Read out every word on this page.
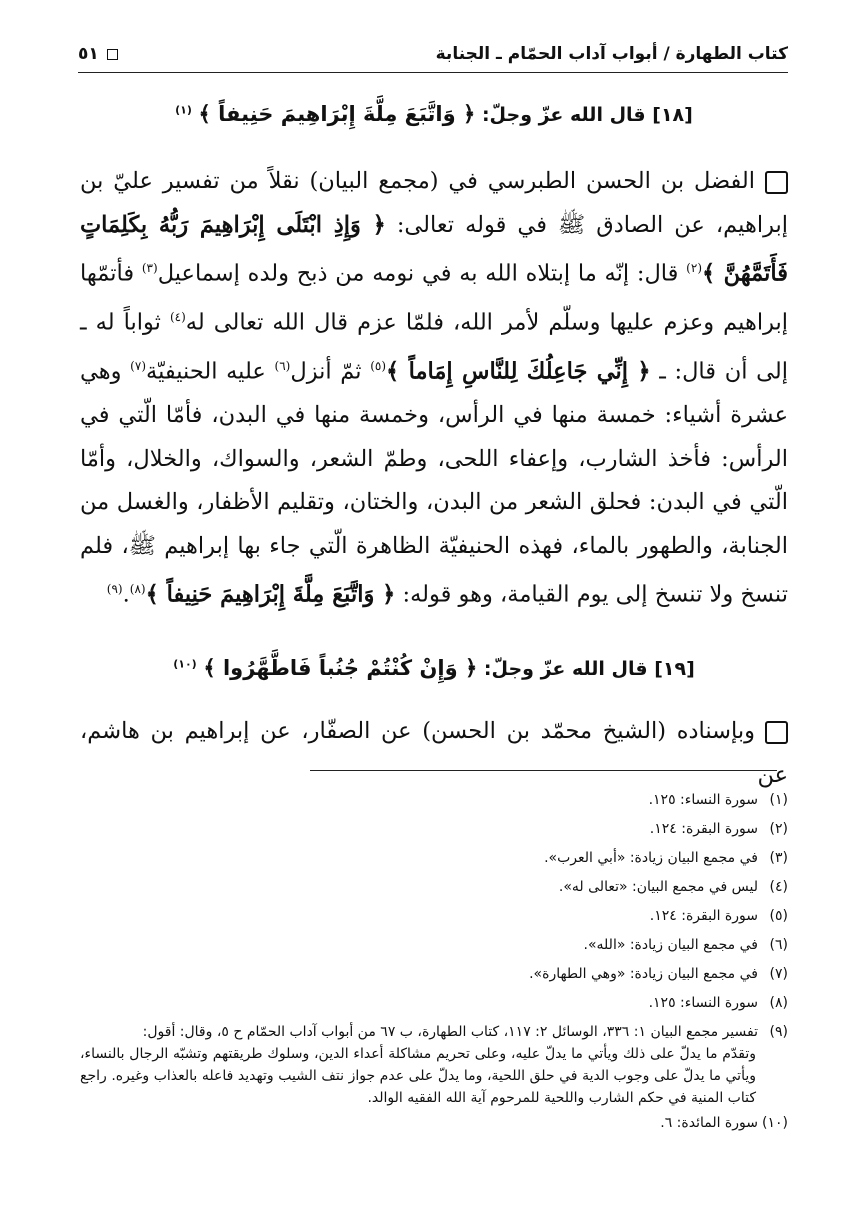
كتاب الطهارة / أبواب آداب الحمّام ـ الجنابة
٥١
[١٨] قال الله عزّ وجلّ: ﴿ وَاتَّبَعَ مِلَّةَ إِبْرَاهِيمَ حَنِيفاً ﴾ $^{(١)}$
الفضل بن الحسن الطبرسي في (مجمع البيان) نقلاً من تفسير عليّ بن إبراهيم، عن الصادق ﷺ في قوله تعالى: ﴿ وَإِذِ ابْتَلَى إِبْرَاهِيمَ رَبُّهُ بِكَلِمَاتٍ فَأَتَمَّهُنَّ ﴾$^{(٢)}$ قال: إنّه ما إبتلاه الله به في نومه من ذبح ولده إسماعيل$^{(٣)}$ فأتمّها إبراهيم وعزم عليها وسلّم لأمر الله، فلمّا عزم قال الله تعالى له$^{(٤)}$ ثواباً له ـ إلى أن قال: ـ ﴿ إِنِّي جَاعِلُكَ لِلنَّاسِ إِمَاماً ﴾$^{(٥)}$ ثمّ أنزل$^{(٦)}$ عليه الحنيفيّة$^{(٧)}$ وهي عشرة أشياء: خمسة منها في الرأس، وخمسة منها في البدن، فأمّا الّتي في الرأس: فأخذ الشارب، وإعفاء اللحى، وطمّ الشعر، والسواك، والخلال، وأمّا الّتي في البدن: فحلق الشعر من البدن، والختان، وتقليم الأظفار، والغسل من الجنابة، والطهور بالماء، فهذه الحنيفيّة الظاهرة الّتي جاء بها إبراهيم ﷺ، فلم تنسخ ولا تنسخ إلى يوم القيامة، وهو قوله: ﴿ وَاتَّبَعَ مِلَّةَ إِبْرَاهِيمَ حَنِيفاً ﴾$^{(٨)}$.$^{(٩)}$
[١٩] قال الله عزّ وجلّ: ﴿ وَإِنْ كُنْتُمْ جُنُباً فَاطَّهَّرُوا ﴾ $^{(١٠)}$
وبإسناده (الشيخ محمّد بن الحسن) عن الصفّار، عن إبراهيم بن هاشم، عن
(١)سورة النساء: ١٢٥.
(٢)سورة البقرة: ١٢٤.
(٣)في مجمع البيان زيادة: «أبي العرب».
(٤)ليس في مجمع البيان: «تعالى له».
(٥)سورة البقرة: ١٢٤.
(٦)في مجمع البيان زيادة: «الله».
(٧)في مجمع البيان زيادة: «وهي الطهارة».
(٨)سورة النساء: ١٢٥.
(٩)تفسير مجمع البيان ١: ٣٣٦، الوسائل ٢: ١١٧، كتاب الطهارة، ب ٦٧ من أبواب آداب الحمّام ح ٥، وقال: أقول:
وتقدّم ما يدلّ على ذلك ويأتي ما يدلّ عليه، وعلى تحريم مشاكلة أعداء الدين، وسلوك طريقتهم وتشبّه الرجال بالنساء، ويأتي ما يدلّ على وجوب الدية في حلق اللحية، وما يدلّ على عدم جواز نتف الشيب وتهديد فاعله بالعذاب وغيره. راجع كتاب المنية في حكم الشارب واللحية للمرحوم آية الله الفقيه الوالد.
(١٠)سورة المائدة: ٦.
